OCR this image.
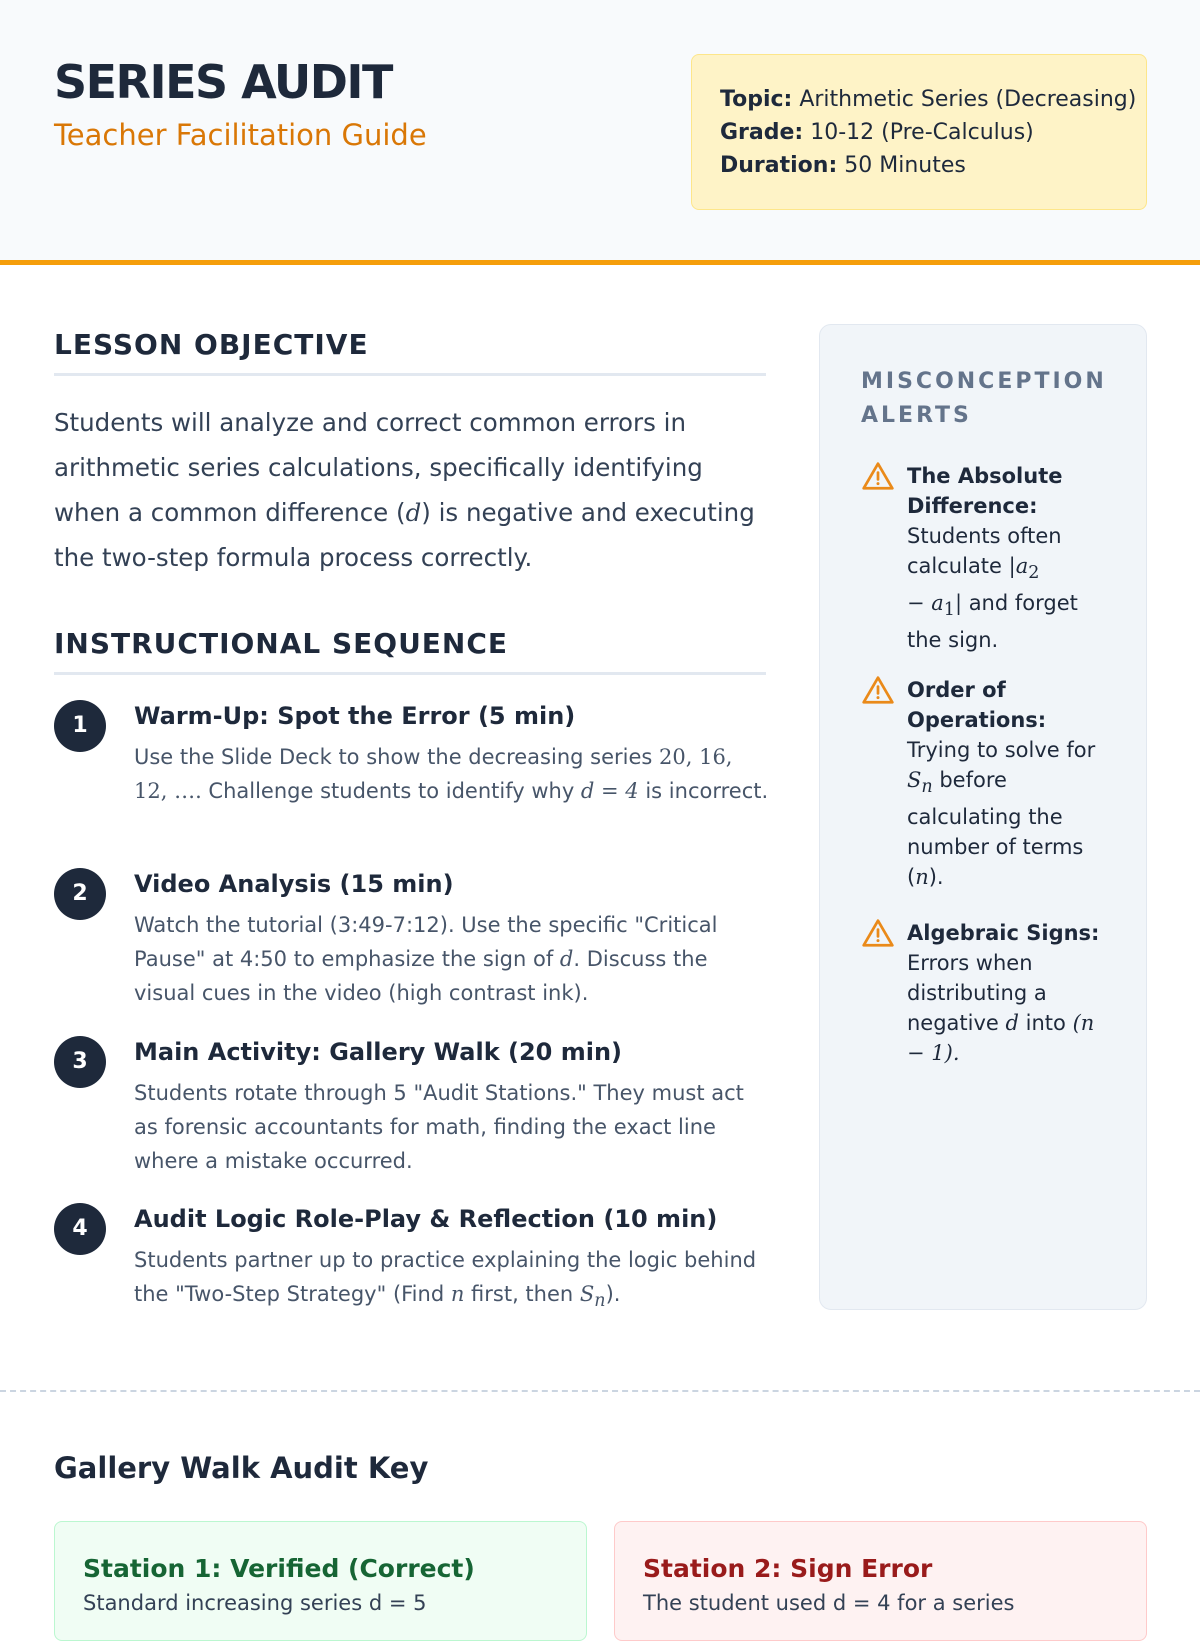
SERIES AUDIT
Teacher Facilitation Guide
Topic: Arithmetic Series (Decreasing)
Grade: 10-12 (Pre-Calculus)
Duration: 50 Minutes
LESSON OBJECTIVE
Students will analyze and correct common errors in arithmetic series calculations, specifically identifying when a common difference (d) is negative and executing the two-step formula process correctly.
INSTRUCTIONAL SEQUENCE
1	Warm-Up: Spot the Error (5 min)
Use the Slide Deck to show the decreasing series 20, 16, 12, …. Challenge students to identify why d = 4 is incorrect.
2	Video Analysis (15 min)
Watch the tutorial (3:49-7:12). Use the specific "Critical Pause" at 4:50 to emphasize the sign of d. Discuss the visual cues in the video (high contrast ink).
3	Main Activity: Gallery Walk (20 min)
Students rotate through 5 "Audit Stations." They must act as forensic accountants for math, finding the exact line where a mistake occurred.
4	Audit Logic Role-Play & Reflection (10 min)
Students partner up to practice explaining the logic behind the "Two-Step Strategy" (Find n first, then $S_n$).
MISCONCEPTION ALERTS
The Absolute Difference:
Students often calculate $|a_2$
− $a_1|$ and forget the sign.
Order of Operations:
Trying to solve for $S_n$ before calculating the number of terms (n).
Algebraic Signs:
Errors when distributing a negative d into (n
− 1).
Gallery Walk Audit Key
Station 1: Verified (Correct)
Standard increasing series d = 5
Station 2: Sign Error
The student used d = 4 for a series
